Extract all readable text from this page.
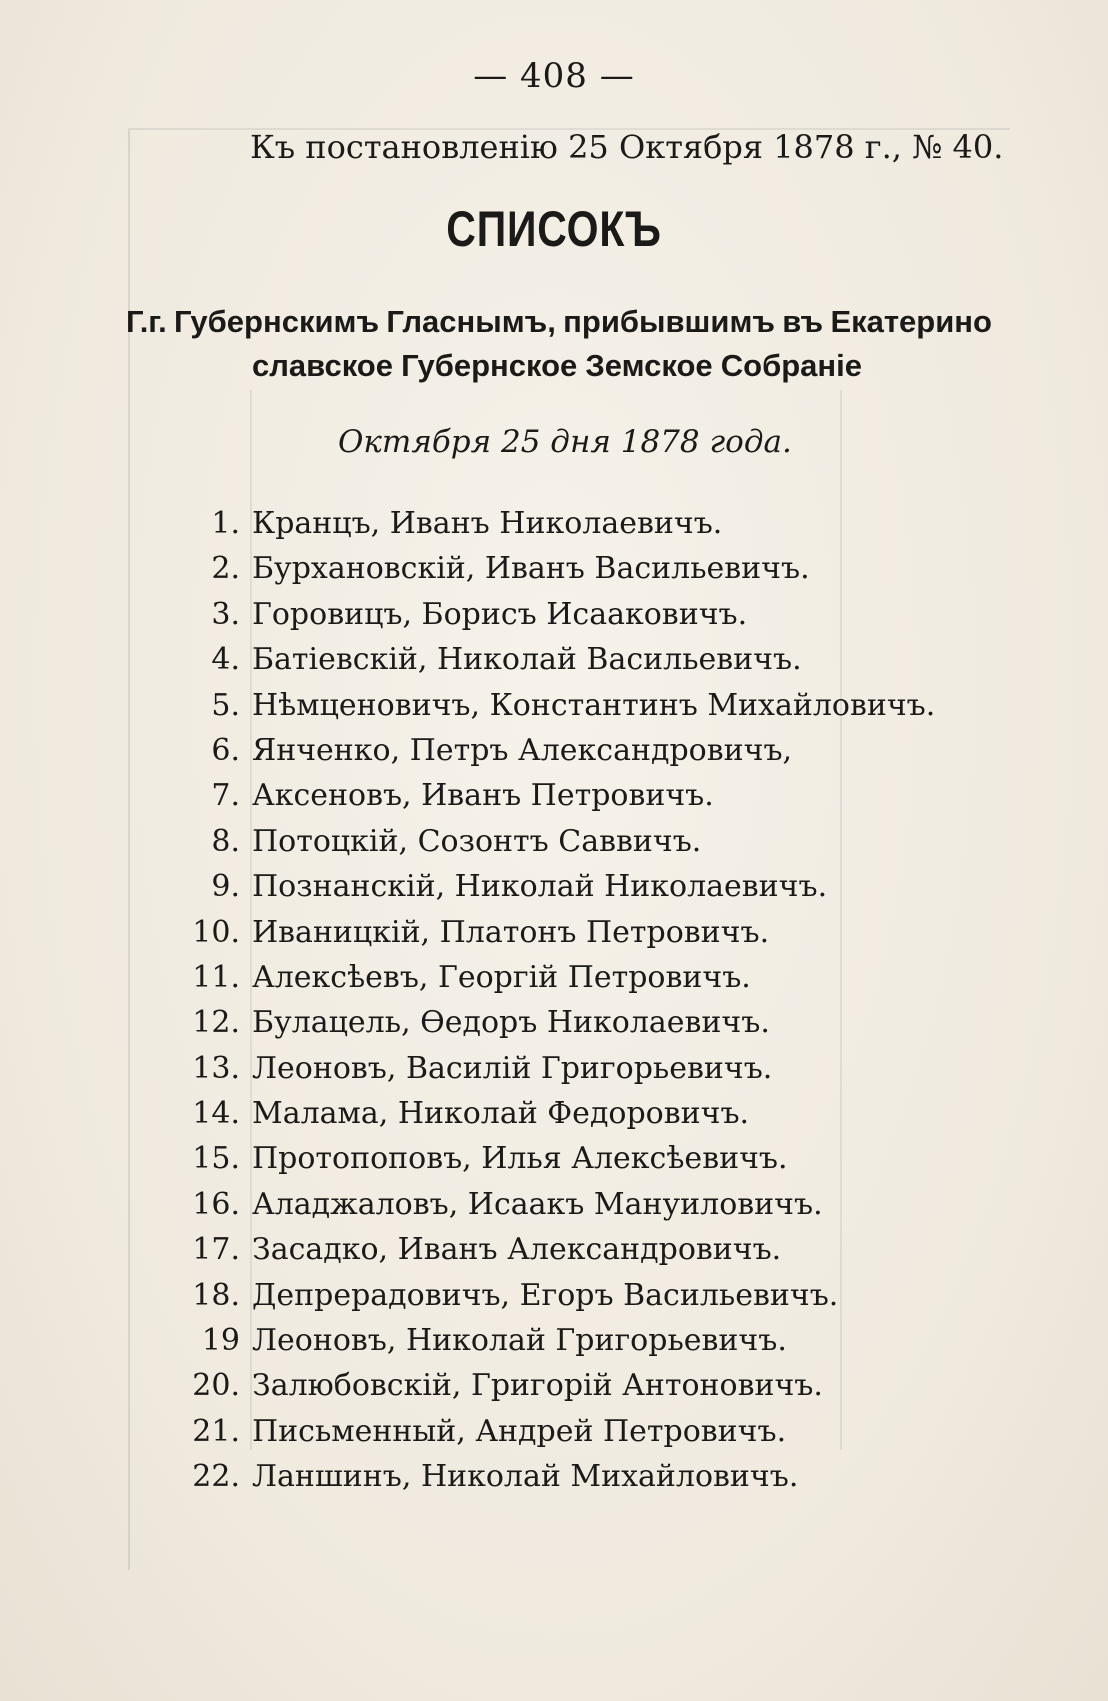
— 408 —
Къ постановленію 25 Октября 1878 г., № 40.
СПИСОКЪ
Г.г. Губернскимъ Гласнымъ, прибывшимъ въ Екатерино
славское Губернское Земское Собраніе
Октября 25 дня 1878 года.
1. Кранцъ, Иванъ Николаевичъ.
2. Бурхановскій, Иванъ Васильевичъ.
3. Горовицъ, Борисъ Исааковичъ.
4. Батіевскій, Николай Васильевичъ.
5. Нѣмценовичъ, Константинъ Михайловичъ.
6. Янченко, Петръ Александровичъ,
7. Аксеновъ, Иванъ Петровичъ.
8. Потоцкій, Созонтъ Саввичъ.
9. Познанскій, Николай Николаевичъ.
10. Иваницкій, Платонъ Петровичъ.
11. Алексѣевъ, Георгій Петровичъ.
12. Булацель, Ѳедоръ Николаевичъ.
13. Леоновъ, Василій Григорьевичъ.
14. Малама, Николай Федоровичъ.
15. Протопоповъ, Илья Алексѣевичъ.
16. Аладжаловъ, Исаакъ Мануиловичъ.
17. Засадко, Иванъ Александровичъ.
18. Депрерадовичъ, Егоръ Васильевичъ.
19 Леоновъ, Николай Григорьевичъ.
20. Залюбовскій, Григорій Антоновичъ.
21. Письменный, Андрей Петровичъ.
22. Ланшинъ, Николай Михайловичъ.
